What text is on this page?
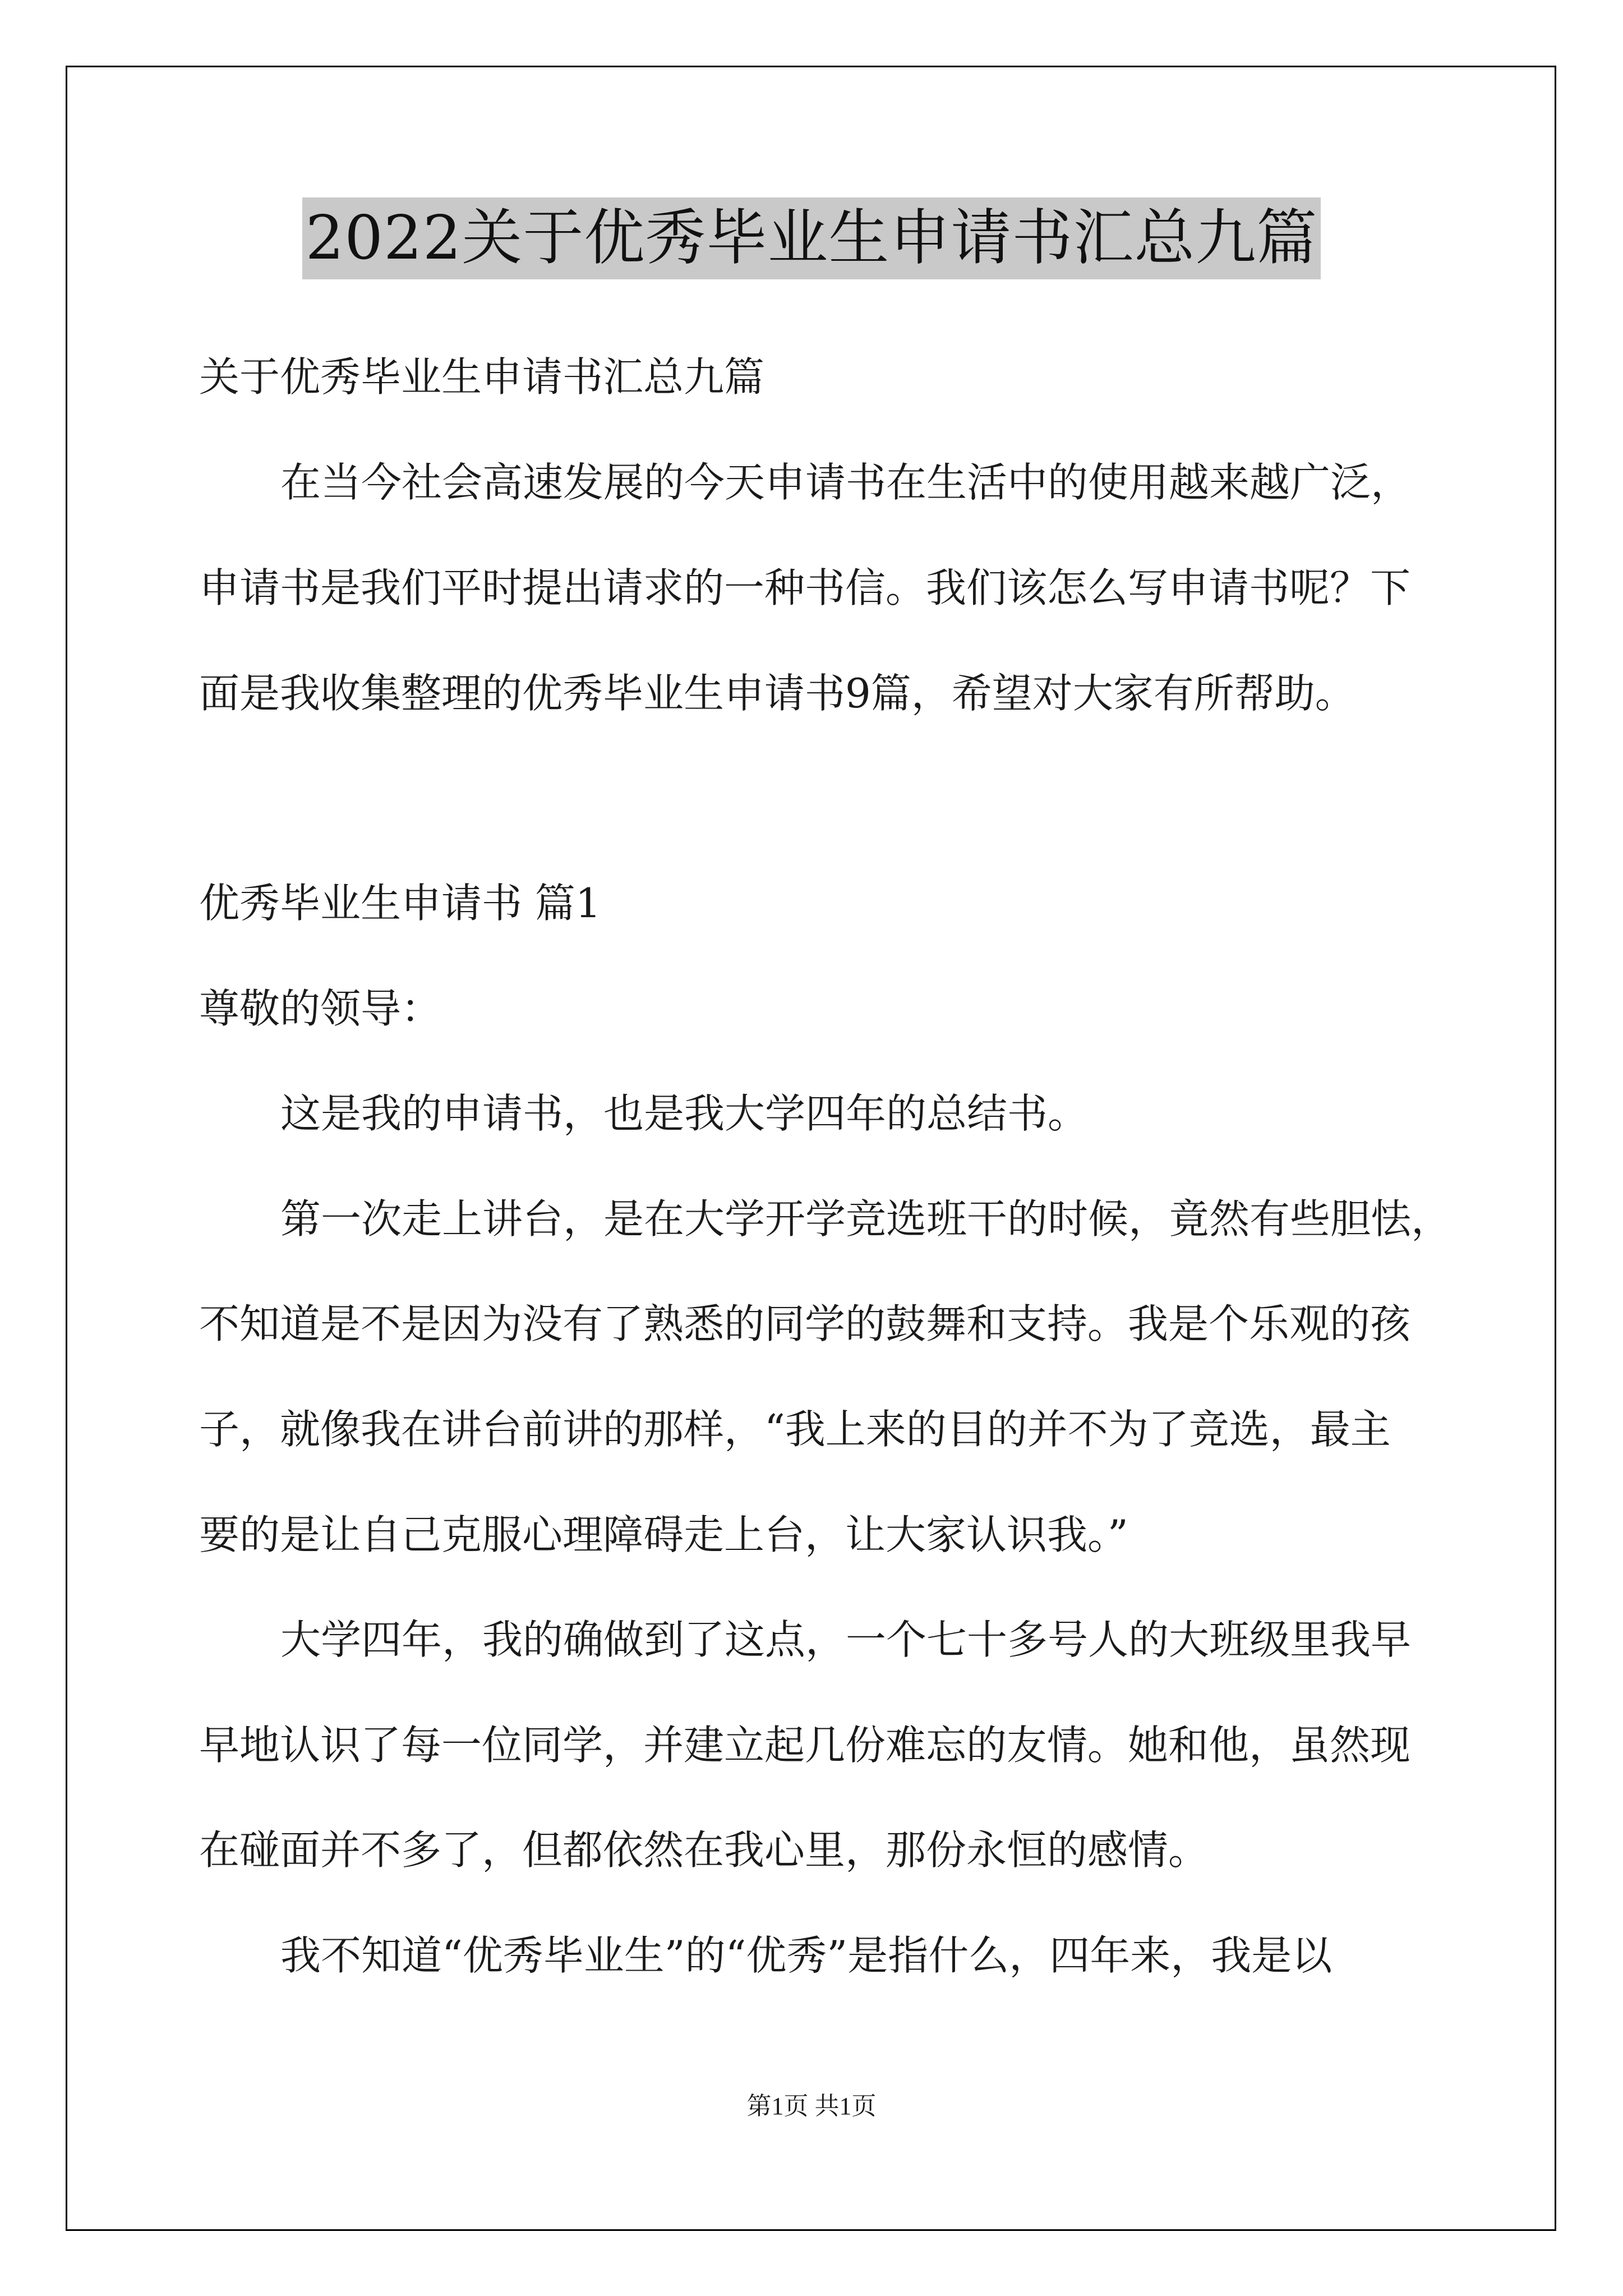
2022关于优秀毕业生申请书汇总九篇
关于优秀毕业生申请书汇总九篇
在当今社会高速发展的今天申请书在生活中的使用越来越广泛，
申请书是我们平时提出请求的一种书信。我们该怎么写申请书呢？下
面是我收集整理的优秀毕业生申请书9篇，希望对大家有所帮助。
优秀毕业生申请书 篇1
尊敬的领导：
这是我的申请书，也是我大学四年的总结书。
第一次走上讲台，是在大学开学竞选班干的时候，竟然有些胆怯，
不知道是不是因为没有了熟悉的同学的鼓舞和支持。我是个乐观的孩
子，就像我在讲台前讲的那样，“我上来的目的并不为了竞选，最主
要的是让自己克服心理障碍走上台，让大家认识我。”
大学四年，我的确做到了这点，一个七十多号人的大班级里我早
早地认识了每一位同学，并建立起几份难忘的友情。她和他，虽然现
在碰面并不多了，但都依然在我心里，那份永恒的感情。
我不知道“优秀毕业生”的“优秀”是指什么，四年来，我是以
第1页 共1页
